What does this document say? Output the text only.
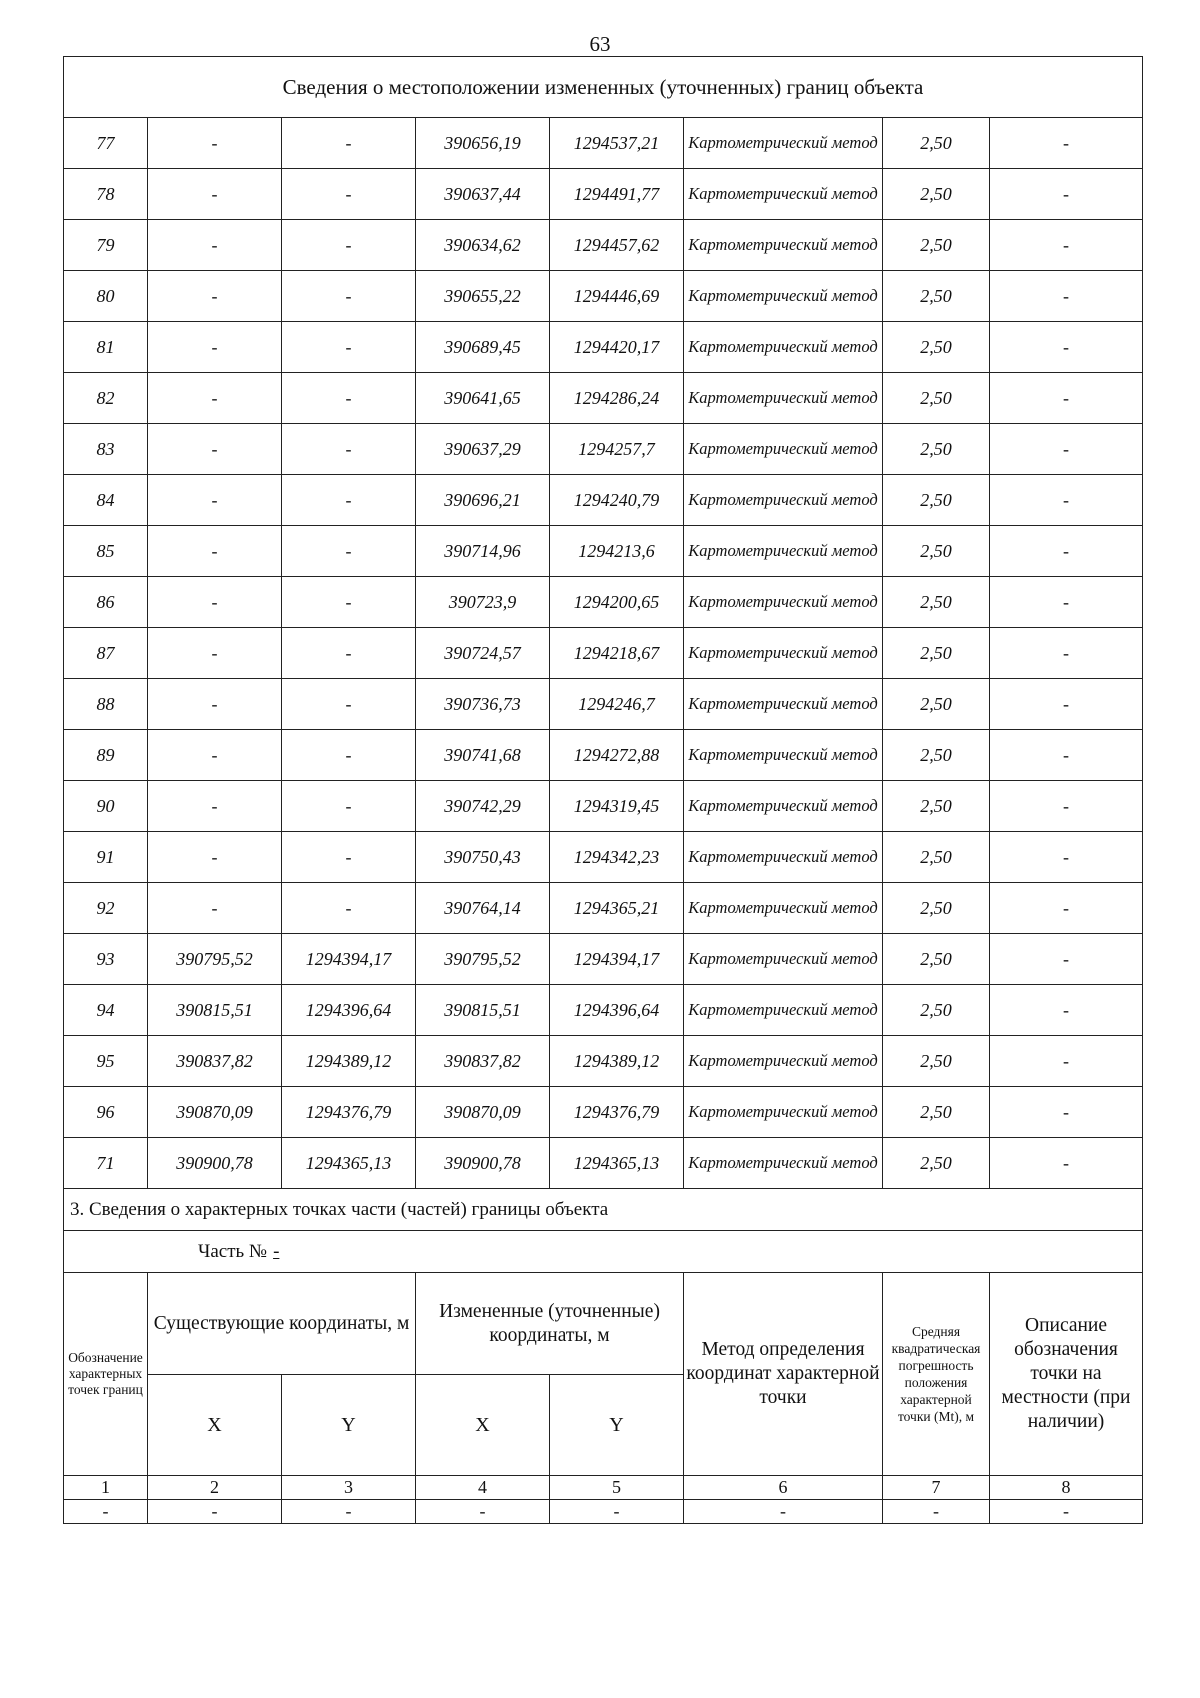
63
Сведения о местоположении измененных (уточненных) границ объекта							
77	-	-	390656,19	1294537,21	Картометрический метод	2,50	-
78	-	-	390637,44	1294491,77	Картометрический метод	2,50	-
79	-	-	390634,62	1294457,62	Картометрический метод	2,50	-
80	-	-	390655,22	1294446,69	Картометрический метод	2,50	-
81	-	-	390689,45	1294420,17	Картометрический метод	2,50	-
82	-	-	390641,65	1294286,24	Картометрический метод	2,50	-
83	-	-	390637,29	1294257,7	Картометрический метод	2,50	-
84	-	-	390696,21	1294240,79	Картометрический метод	2,50	-
85	-	-	390714,96	1294213,6	Картометрический метод	2,50	-
86	-	-	390723,9	1294200,65	Картометрический метод	2,50	-
87	-	-	390724,57	1294218,67	Картометрический метод	2,50	-
88	-	-	390736,73	1294246,7	Картометрический метод	2,50	-
89	-	-	390741,68	1294272,88	Картометрический метод	2,50	-
90	-	-	390742,29	1294319,45	Картометрический метод	2,50	-
91	-	-	390750,43	1294342,23	Картометрический метод	2,50	-
92	-	-	390764,14	1294365,21	Картометрический метод	2,50	-
93	390795,52	1294394,17	390795,52	1294394,17	Картометрический метод	2,50	-
94	390815,51	1294396,64	390815,51	1294396,64	Картометрический метод	2,50	-
95	390837,82	1294389,12	390837,82	1294389,12	Картометрический метод	2,50	-
96	390870,09	1294376,79	390870,09	1294376,79	Картометрический метод	2,50	-
71	390900,78	1294365,13	390900,78	1294365,13	Картометрический метод	2,50	-
3. Сведения о характерных точках части (частей) границы объекта							
Часть № -							
Обозначение характерных точек границ	Существующие координаты, м		Измененные (уточненные) координаты, м		Метод определения координат характерной точки	Средняя квадратическая погрешность положения характерной точки (Mt), м	Описание обозначения точки на местности (при наличии)
	X	Y	X	Y			
1	2	3	4	5	6	7	8
-	-	-	-	-	-	-	-
